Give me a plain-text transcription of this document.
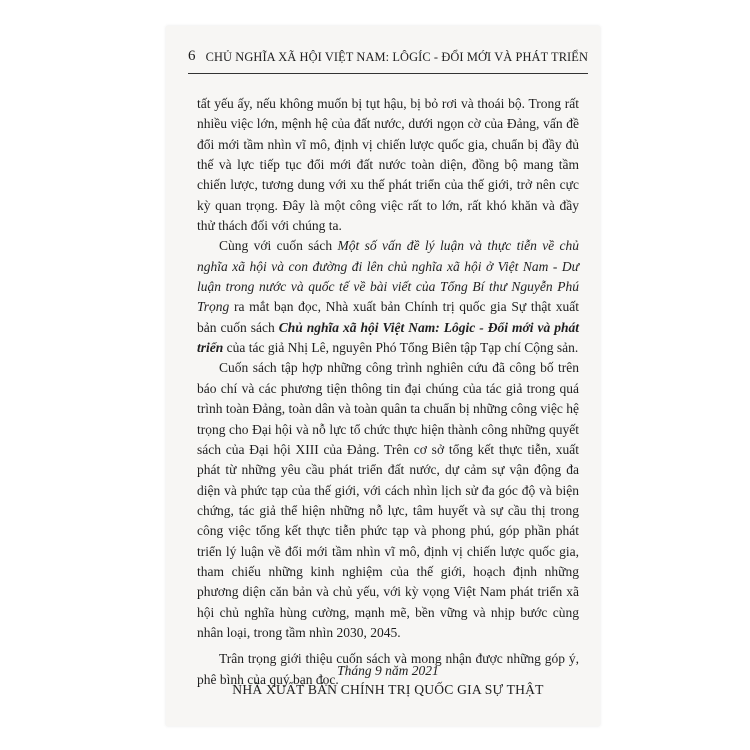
6 CHỦ NGHĨA XÃ HỘI VIỆT NAM: LÔGÍC - ĐỔI MỚI VÀ PHÁT TRIỂN

tất yếu ấy, nếu không muốn bị tụt hậu, bị bỏ rơi và thoái bộ. Trong rất nhiều việc lớn, mệnh hệ của đất nước, dưới ngọn cờ của Đảng, vấn đề đổi mới tầm nhìn vĩ mô, định vị chiến lược quốc gia, chuẩn bị đầy đủ thế và lực tiếp tục đổi mới đất nước toàn diện, đồng bộ mang tầm chiến lược, tương dung với xu thế phát triển của thế giới, trở nên cực kỳ quan trọng. Đây là một công việc rất to lớn, rất khó khăn và đầy thử thách đối với chúng ta.

Cùng với cuốn sách Một số vấn đề lý luận và thực tiễn về chủ nghĩa xã hội và con đường đi lên chủ nghĩa xã hội ở Việt Nam - Dư luận trong nước và quốc tế về bài viết của Tổng Bí thư Nguyễn Phú Trọng ra mắt bạn đọc, Nhà xuất bản Chính trị quốc gia Sự thật xuất bản cuốn sách Chủ nghĩa xã hội Việt Nam: Lôgic - Đổi mới và phát triển của tác giả Nhị Lê, nguyên Phó Tổng Biên tập Tạp chí Cộng sản.

Cuốn sách tập hợp những công trình nghiên cứu đã công bố trên báo chí và các phương tiện thông tin đại chúng của tác giả trong quá trình toàn Đảng, toàn dân và toàn quân ta chuẩn bị những công việc hệ trọng cho Đại hội và nỗ lực tổ chức thực hiện thành công những quyết sách của Đại hội XIII của Đảng. Trên cơ sở tổng kết thực tiễn, xuất phát từ những yêu cầu phát triển đất nước, dự cảm sự vận động đa diện và phức tạp của thế giới, với cách nhìn lịch sử đa góc độ và biện chứng, tác giả thể hiện những nỗ lực, tâm huyết và sự cầu thị trong công việc tổng kết thực tiễn phức tạp và phong phú, góp phần phát triển lý luận về đổi mới tầm nhìn vĩ mô, định vị chiến lược quốc gia, tham chiếu những kinh nghiệm của thế giới, hoạch định những phương diện căn bản và chủ yếu, với kỳ vọng Việt Nam phát triển xã hội chủ nghĩa hùng cường, mạnh mẽ, bền vững và nhịp bước cùng nhân loại, trong tầm nhìn 2030, 2045.

Trân trọng giới thiệu cuốn sách và mong nhận được những góp ý, phê bình của quý bạn đọc.

Tháng 9 năm 2021
NHÀ XUẤT BẢN CHÍNH TRỊ QUỐC GIA SỰ THẬT
